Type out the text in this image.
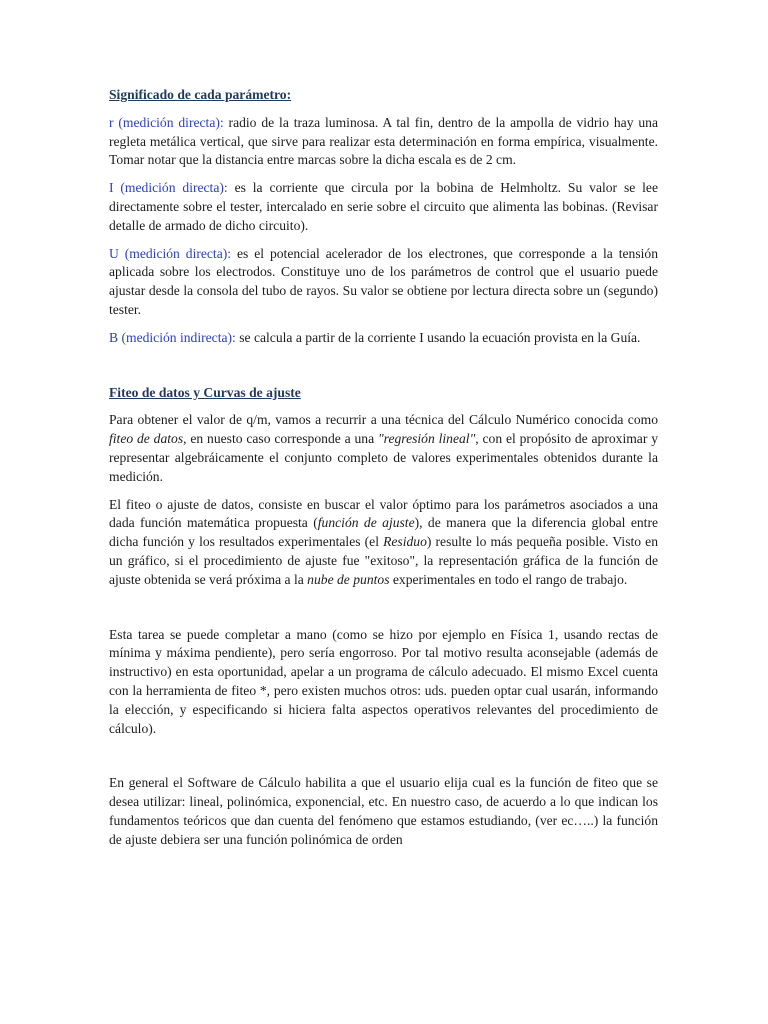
Significado de cada parámetro:

r (medición directa): radio de la traza luminosa. A tal fin, dentro de la ampolla de vidrio hay una regleta metálica vertical, que sirve para realizar esta determinación en forma empírica, visualmente. Tomar notar que la distancia entre marcas sobre la dicha escala es de 2 cm.

I (medición directa): es la corriente que circula por la bobina de Helmholtz. Su valor se lee directamente sobre el tester, intercalado en serie sobre el circuito que alimenta las bobinas. (Revisar detalle de armado de dicho circuito).

U (medición directa): es el potencial acelerador de los electrones, que corresponde a la tensión aplicada sobre los electrodos. Constituye uno de los parámetros de control que el usuario puede ajustar desde la consola del tubo de rayos. Su valor se obtiene por lectura directa sobre un (segundo) tester.

B (medición indirecta): se calcula a partir de la corriente I usando la ecuación provista en la Guía.

Fiteo de datos y Curvas de ajuste

Para obtener el valor de q/m, vamos a recurrir a una técnica del Cálculo Numérico conocida como fiteo de datos, en nuesto caso corresponde a una "regresión lineal", con el propósito de aproximar y representar algebráicamente el conjunto completo de valores experimentales obtenidos durante la medición.

El fiteo o ajuste de datos, consiste en buscar el valor óptimo para los parámetros asociados a una dada función matemática propuesta (función de ajuste), de manera que la diferencia global entre dicha función y los resultados experimentales (el Residuo) resulte lo más pequeña posible. Visto en un gráfico, si el procedimiento de ajuste fue "exitoso", la representación gráfica de la función de ajuste obtenida se verá próxima a la nube de puntos experimentales en todo el rango de trabajo.

Esta tarea se puede completar a mano (como se hizo por ejemplo en Física 1, usando rectas de mínima y máxima pendiente), pero sería engorroso. Por tal motivo resulta aconsejable (además de instructivo) en esta oportunidad, apelar a un programa de cálculo adecuado. El mismo Excel cuenta con la herramienta de fiteo *, pero existen muchos otros: uds. pueden optar cual usarán, informando la elección, y especificando si hiciera falta aspectos operativos relevantes del procedimiento de cálculo).

En general el Software de Cálculo habilita a que el usuario elija cual es la función de fiteo que se desea utilizar: lineal, polinómica, exponencial, etc. En nuestro caso, de acuerdo a lo que indican los fundamentos teóricos que dan cuenta del fenómeno que estamos estudiando, (ver ec…..) la función de ajuste debiera ser una función polinómica de orden
